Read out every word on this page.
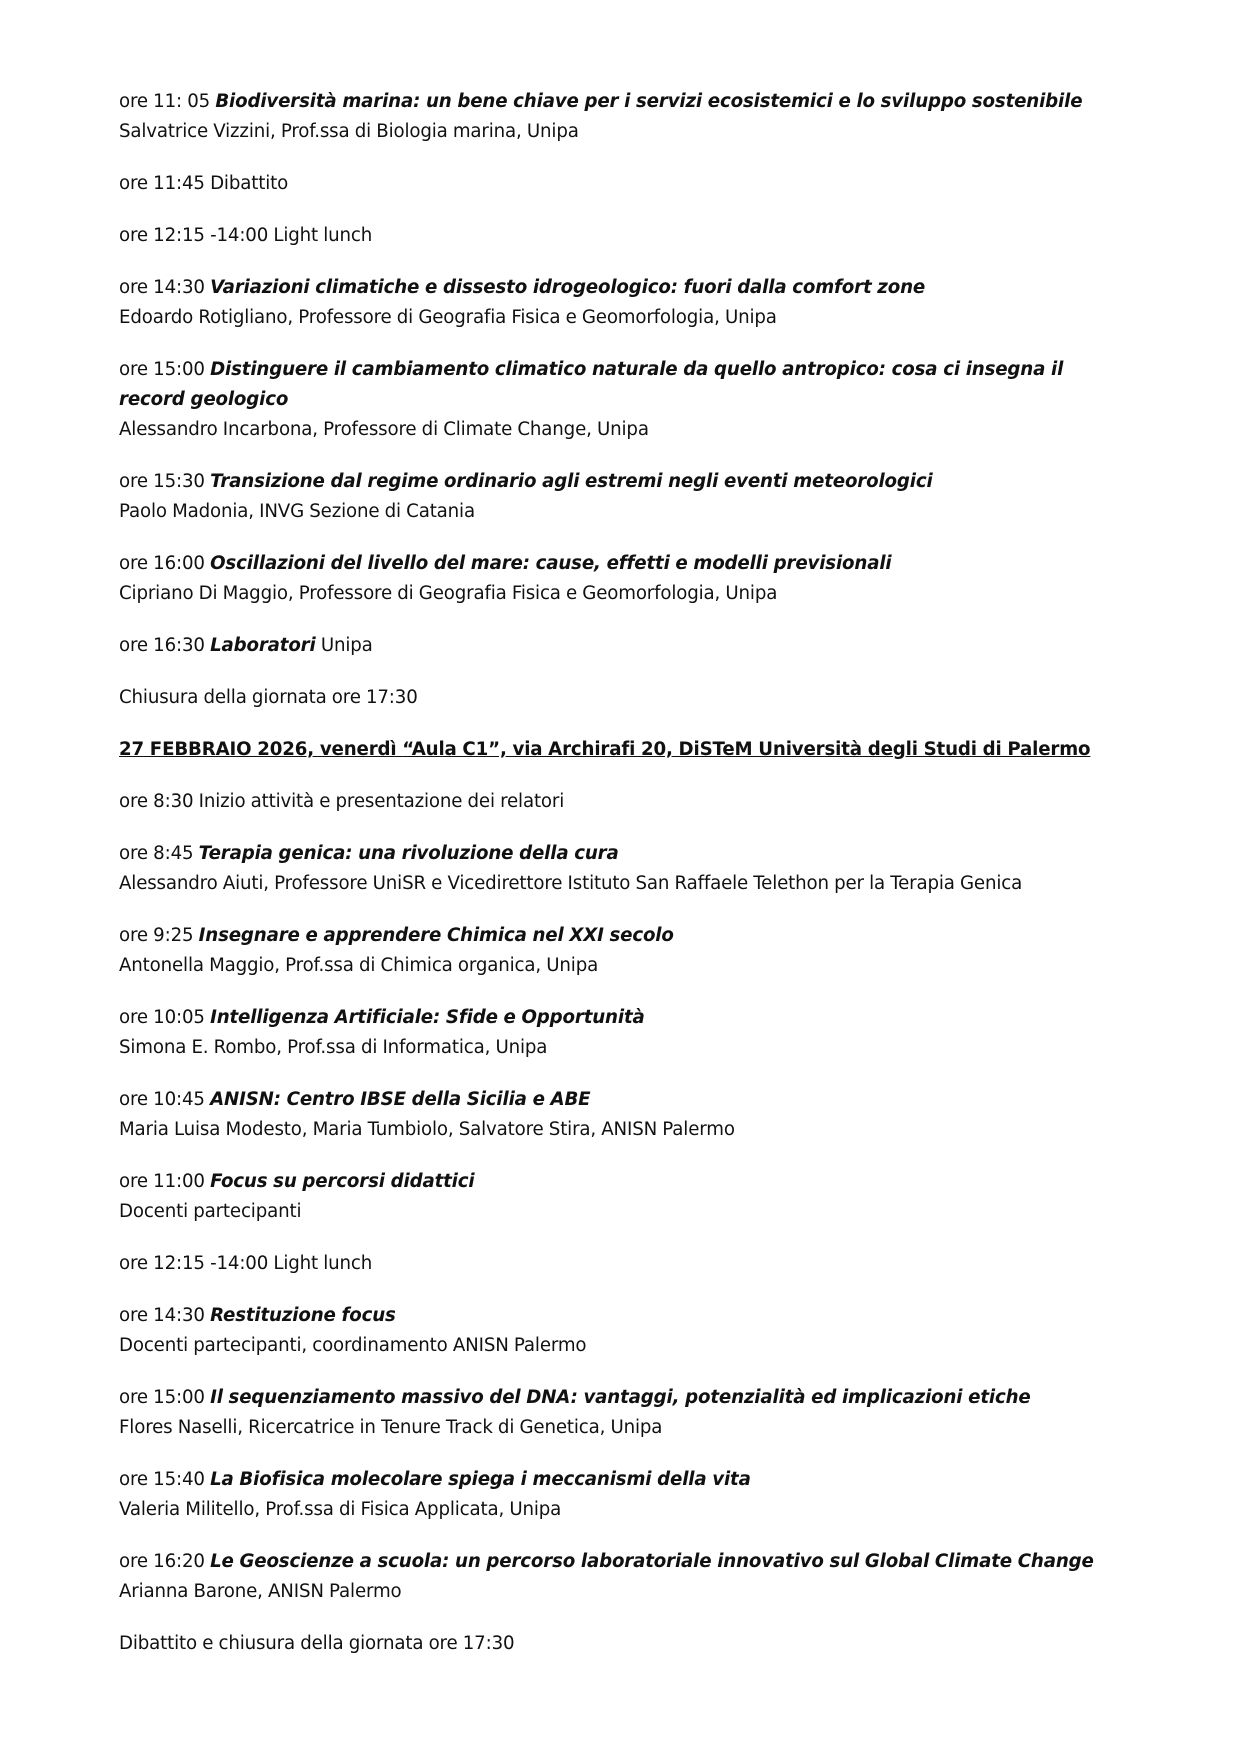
ore 11: 05 Biodiversità marina: un bene chiave per i servizi ecosistemici e lo sviluppo sostenibile
Salvatrice Vizzini, Prof.ssa di Biologia marina, Unipa
ore 11:45 Dibattito
ore 12:15 -14:00 Light lunch
ore 14:30 Variazioni climatiche e dissesto idrogeologico: fuori dalla comfort zone
Edoardo Rotigliano, Professore di Geografia Fisica e Geomorfologia, Unipa
ore 15:00 Distinguere il cambiamento climatico naturale da quello antropico: cosa ci insegna il record geologico
Alessandro Incarbona, Professore di Climate Change, Unipa
ore 15:30 Transizione dal regime ordinario agli estremi negli eventi meteorologici
Paolo Madonia, INVG Sezione di Catania
ore 16:00 Oscillazioni del livello del mare: cause, effetti e modelli previsionali
Cipriano Di Maggio, Professore di Geografia Fisica e Geomorfologia, Unipa
ore 16:30 Laboratori Unipa
Chiusura della giornata ore 17:30
27 FEBBRAIO 2026, venerdì “Aula C1”, via Archirafi 20, DiSTeM Università degli Studi di Palermo
ore 8:30 Inizio attività e presentazione dei relatori
ore 8:45 Terapia genica: una rivoluzione della cura
Alessandro Aiuti, Professore UniSR e Vicedirettore Istituto San Raffaele Telethon per la Terapia Genica
ore 9:25 Insegnare e apprendere Chimica nel XXI secolo
Antonella Maggio, Prof.ssa di Chimica organica, Unipa
ore 10:05 Intelligenza Artificiale: Sfide e Opportunità
Simona E. Rombo, Prof.ssa di Informatica, Unipa
ore 10:45 ANISN: Centro IBSE della Sicilia e ABE
Maria Luisa Modesto, Maria Tumbiolo, Salvatore Stira, ANISN Palermo
ore 11:00 Focus su percorsi didattici
Docenti partecipanti
ore 12:15 -14:00 Light lunch
ore 14:30 Restituzione focus
Docenti partecipanti, coordinamento ANISN Palermo
ore 15:00 Il sequenziamento massivo del DNA: vantaggi, potenzialità ed implicazioni etiche
Flores Naselli, Ricercatrice in Tenure Track di Genetica, Unipa
ore 15:40 La Biofisica molecolare spiega i meccanismi della vita
Valeria Militello, Prof.ssa di Fisica Applicata, Unipa
ore 16:20 Le Geoscienze a scuola: un percorso laboratoriale innovativo sul Global Climate Change
Arianna Barone, ANISN Palermo
Dibattito e chiusura della giornata ore 17:30
